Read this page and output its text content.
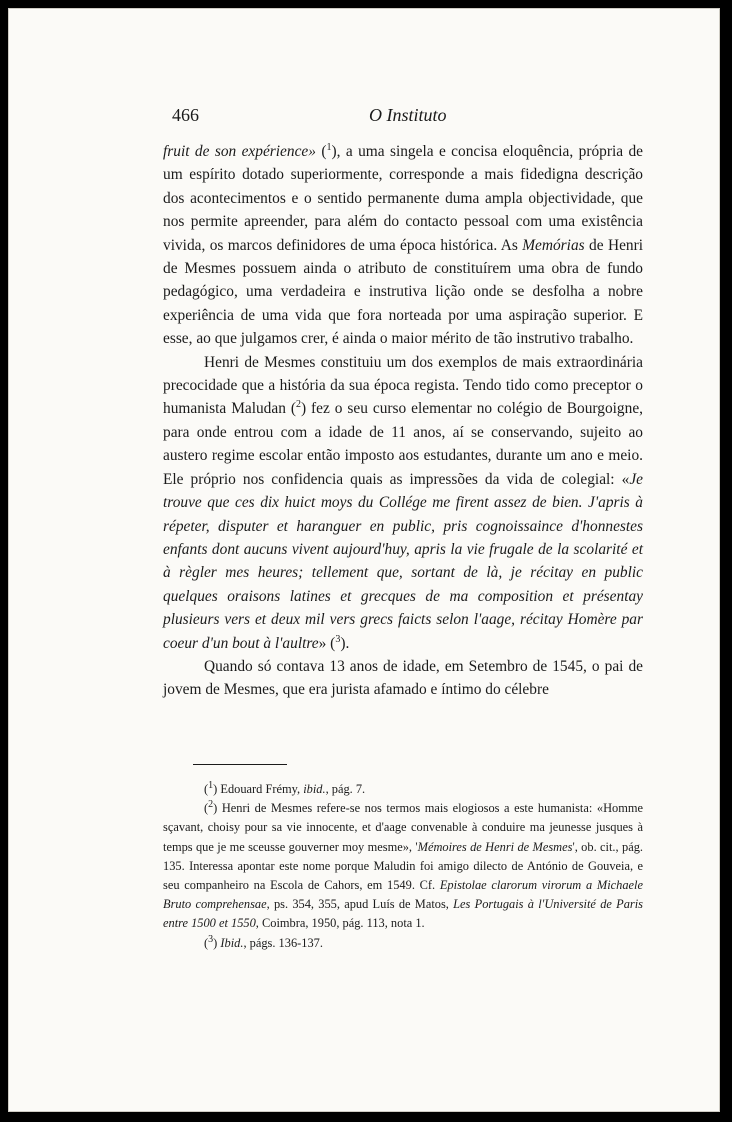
466	O Instituto

fruit de son expérience» ($^1$), a uma singela e concisa eloquência, própria de um espírito dotado superiormente, corresponde a mais fidedigna descrição dos acontecimentos e o sentido permanente duma ampla objectividade, que nos permite apreender, para além do contacto pessoal com uma existência vivida, os marcos definidores de uma época histórica. As Memórias de Henri de Mesmes possuem ainda o atributo de constituírem uma obra de fundo pedagógico, uma verdadeira e instrutiva lição onde se desfolha a nobre experiência de uma vida que fora norteada por uma aspiração superior. E esse, ao que julgamos crer, é ainda o maior mérito de tão instrutivo trabalho.

Henri de Mesmes constituiu um dos exemplos de mais extraordinária precocidade que a história da sua época regista. Tendo tido como preceptor o humanista Maludan ($^2$) fez o seu curso elementar no colégio de Bourgoigne, para onde entrou com a idade de 11 anos, aí se conservando, sujeito ao austero regime escolar então imposto aos estudantes, durante um ano e meio. Ele próprio nos confidencia quais as impressões da vida de colegial: «Je trouve que ces dix huict moys du Collége me firent assez de bien. J'apris à répeter, disputer et haranguer en public, pris cognoissaince d'honnestes enfants dont aucuns vivent aujourd'huy, apris la vie frugale de la scolarité et à règler mes heures; tellement que, sortant de là, je récitay en public quelques oraisons latines et grecques de ma composition et présentay plusieurs vers et deux mil vers grecs faicts selon l'aage, récitay Homère par coeur d'un bout à l'aultre» ($^3$).

Quando só contava 13 anos de idade, em Setembro de 1545, o pai de jovem de Mesmes, que era jurista afamado e íntimo do célebre

($^1$) Edouard Frémy, ibid., pág. 7.

($^2$) Henri de Mesmes refere-se nos termos mais elogiosos a este humanista: «Homme sçavant, choisy pour sa vie innocente, et d'aage convenable à conduire ma jeunesse jusques à temps que je me sceusse gouverner moy mesme», 'Mémoires de Henri de Mesmes', ob. cit., pág. 135. Interessa apontar este nome porque Maludin foi amigo dilecto de António de Gouveia, e seu companheiro na Escola de Cahors, em 1549. Cf. Epistolae clarorum virorum a Michaele Bruto comprehensae, ps. 354, 355, apud Luís de Matos, Les Portugais à l'Université de Paris entre 1500 et 1550, Coimbra, 1950, pág. 113, nota 1.

($^3$) Ibid., págs. 136-137.
